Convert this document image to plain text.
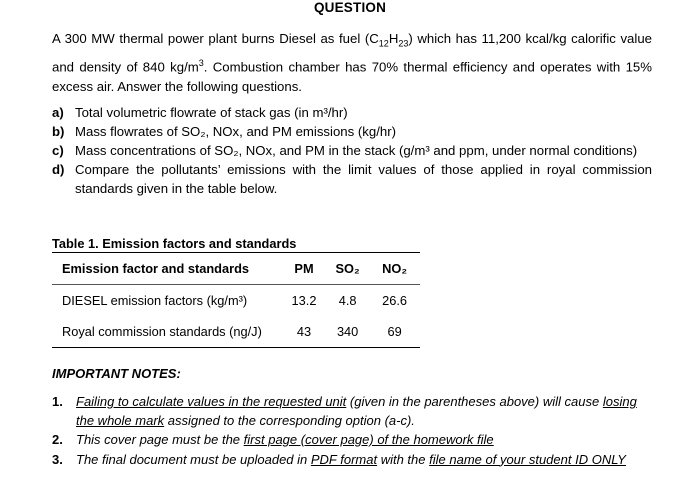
QUESTION
A 300 MW thermal power plant burns Diesel as fuel $(C_{12}H_{23})$ which has 11,200 kcal/kg calorific value and density of 840 $kg/m^3$. Combustion chamber has 70% thermal efficiency and operates with 15% excess air. Answer the following questions.
a) Total volumetric flowrate of stack gas (in m³/hr)
b) Mass flowrates of SO₂, NOx, and PM emissions (kg/hr)
c) Mass concentrations of SO₂, NOx, and PM in the stack (g/m³ and ppm, under normal conditions)
d) Compare the pollutants’ emissions with the limit values of those applied in royal commission standards given in the table below.
Table 1. Emission factors and standards
Emission factor and standards	PM	SO₂	NO₂
DIESEL emission factors (kg/m³)	13.2	4.8	26.6
Royal commission standards (ng/J)	43	340	69
IMPORTANT NOTES:
1.	Failing to calculate values in the requested unit (given in the parentheses above) will cause losing the whole mark assigned to the corresponding option (a-c).
2.	This cover page must be the first page (cover page) of the homework file
3.	The final document must be uploaded in PDF format with the file name of your student ID ONLY
